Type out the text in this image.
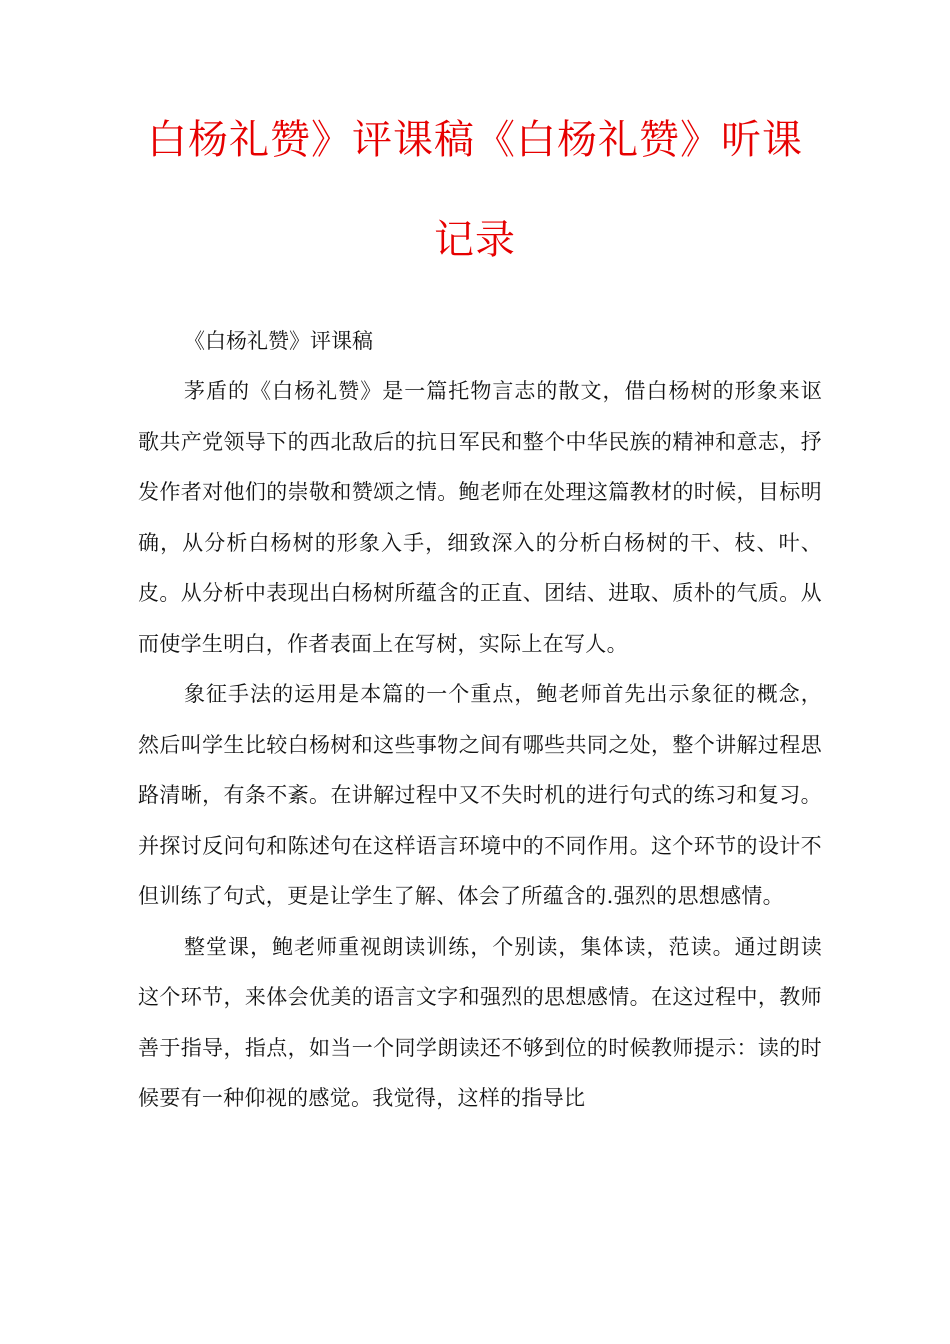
白杨礼赞》评课稿《白杨礼赞》听课
记录

《白杨礼赞》评课稿

茅盾的《白杨礼赞》是一篇托物言志的散文，借白杨树的形象来讴歌共产党领导下的西北敌后的抗日军民和整个中华民族的精神和意志，抒发作者对他们的崇敬和赞颂之情。鲍老师在处理这篇教材的时候，目标明确，从分析白杨树的形象入手，细致深入的分析白杨树的干、枝、叶、皮。从分析中表现出白杨树所蕴含的正直、团结、进取、质朴的气质。从而使学生明白，作者表面上在写树，实际上在写人。

象征手法的运用是本篇的一个重点，鲍老师首先出示象征的概念，然后叫学生比较白杨树和这些事物之间有哪些共同之处，整个讲解过程思路清晰，有条不紊。在讲解过程中又不失时机的进行句式的练习和复习。并探讨反问句和陈述句在这样语言环境中的不同作用。这个环节的设计不但训练了句式，更是让学生了解、体会了所蕴含的.强烈的思想感情。

整堂课，鲍老师重视朗读训练，个别读，集体读，范读。通过朗读这个环节，来体会优美的语言文字和强烈的思想感情。在这过程中，教师善于指导，指点，如当一个同学朗读还不够到位的时候教师提示：读的时候要有一种仰视的感觉。我觉得，这样的指导比
